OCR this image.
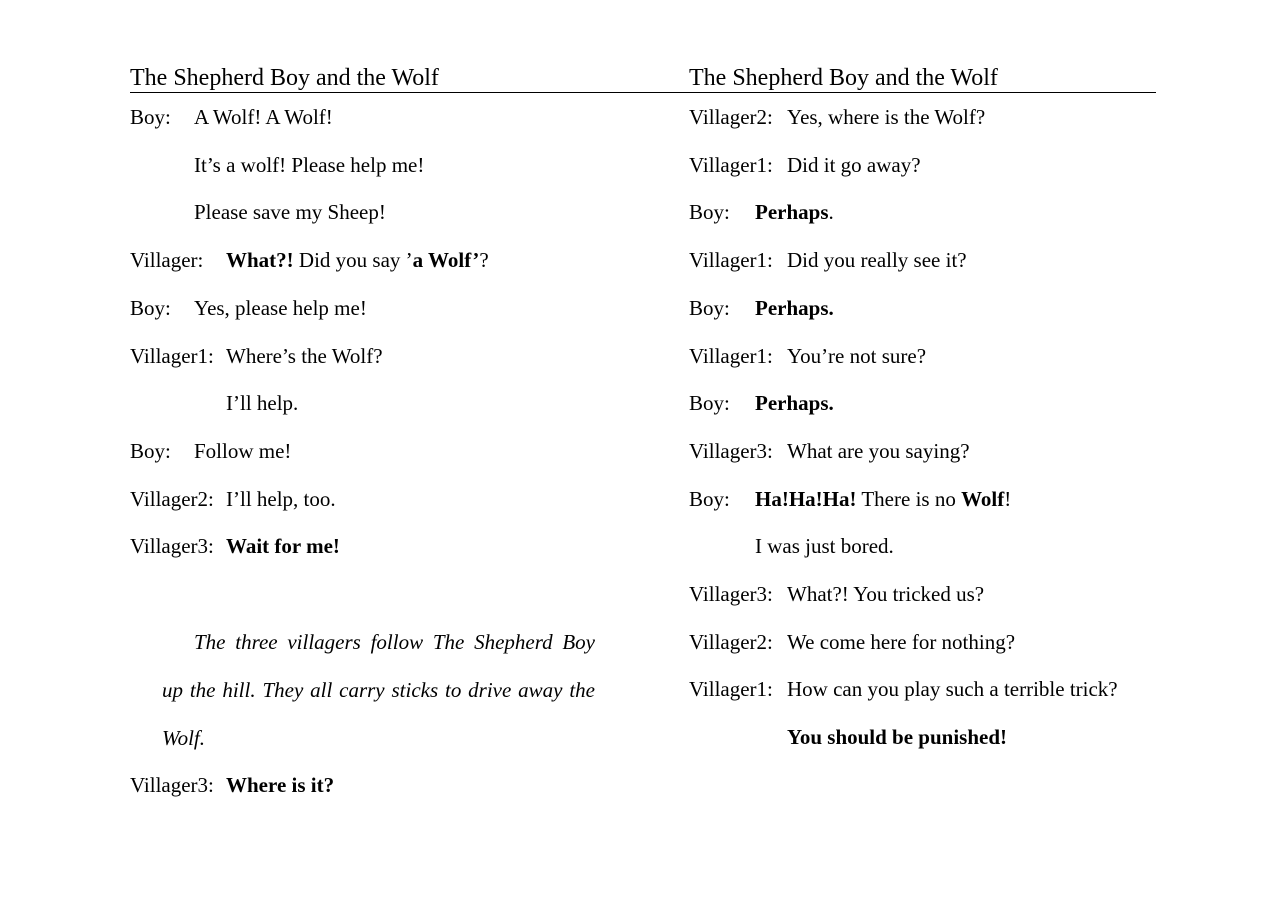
The Shepherd Boy and the Wolf
Boy: A Wolf! A Wolf!
It’s a wolf! Please help me!
Please save my Sheep!
Villager: What?! Did you say ’a Wolf’?
Boy: Yes, please help me!
Villager1: Where’s the Wolf?
I’ll help.
Boy: Follow me!
Villager2: I’ll help, too.
Villager3: Wait for me!
The three villagers follow The Shepherd Boy
up the hill. They all carry sticks to drive away the
Wolf.
Villager3: Where is it?
The Shepherd Boy and the Wolf
Villager2: Yes, where is the Wolf?
Villager1: Did it go away?
Boy: Perhaps.
Villager1: Did you really see it?
Boy: Perhaps.
Villager1: You’re not sure?
Boy: Perhaps.
Villager3: What are you saying?
Boy: Ha!Ha!Ha! There is no Wolf!
I was just bored.
Villager3: What?! You tricked us?
Villager2: We come here for nothing?
Villager1: How can you play such a terrible trick?
You should be punished!
